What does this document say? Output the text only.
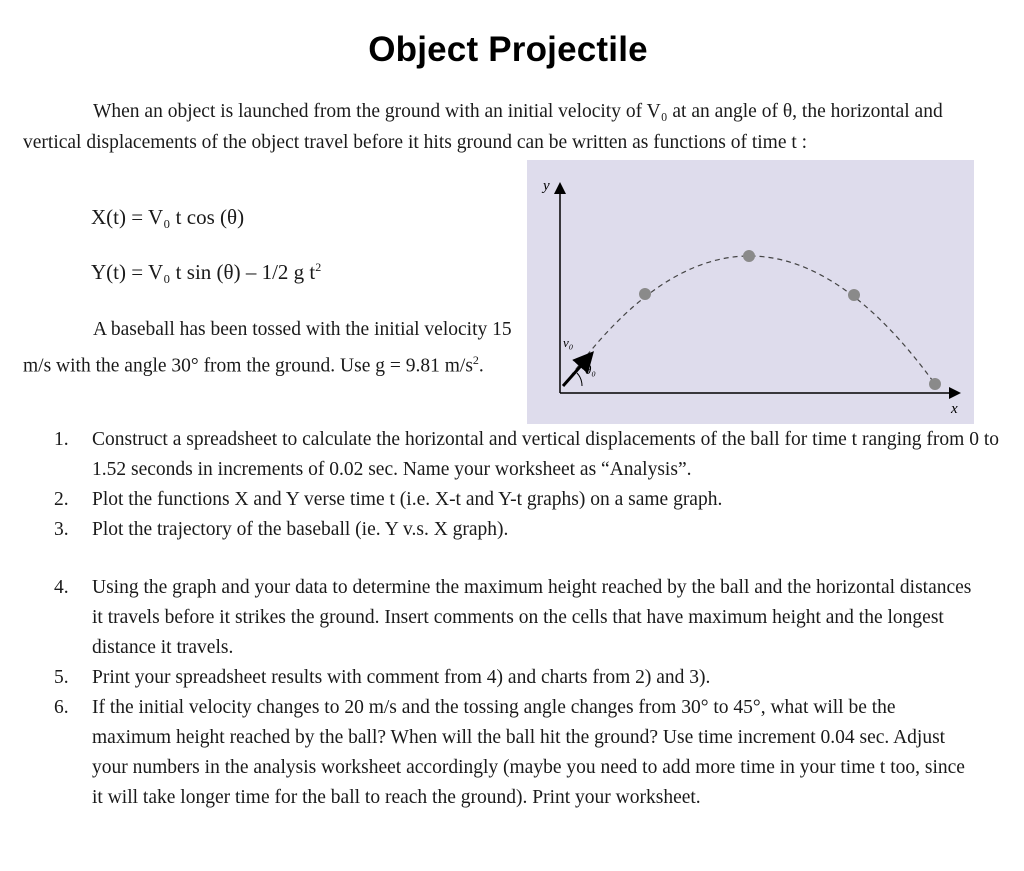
Object Projectile
When an object is launched from the ground with an initial velocity of V₀ at an angle of θ, the horizontal and vertical displacements of the object travel before it hits ground can be written as functions of time t :
X(t) = V₀ t cos (θ)
Y(t) = V₀ t sin (θ) – 1/2 g $t^2$
A baseball has been tossed with the initial velocity 15 m/s with the angle 30° from the ground. Use g = 9.81 $m/s^2$.
y
x
v₀
θ₀
1. Construct a spreadsheet to calculate the horizontal and vertical displacements of the ball for time t ranging from 0 to 1.52 seconds in increments of 0.02 sec. Name your worksheet as “Analysis”.
2. Plot the functions X and Y verse time t (i.e. X-t and Y-t graphs) on a same graph.
3. Plot the trajectory of the baseball (ie. Y v.s. X graph).
4. Using the graph and your data to determine the maximum height reached by the ball and the horizontal distances it travels before it strikes the ground. Insert comments on the cells that have maximum height and the longest distance it travels.
5. Print your spreadsheet results with comment from 4) and charts from 2) and 3).
6. If the initial velocity changes to 20 m/s and the tossing angle changes from 30° to 45°, what will be the maximum height reached by the ball? When will the ball hit the ground? Use time increment 0.04 sec. Adjust your numbers in the analysis worksheet accordingly (maybe you need to add more time in your time t too, since it will take longer time for the ball to reach the ground). Print your worksheet.
